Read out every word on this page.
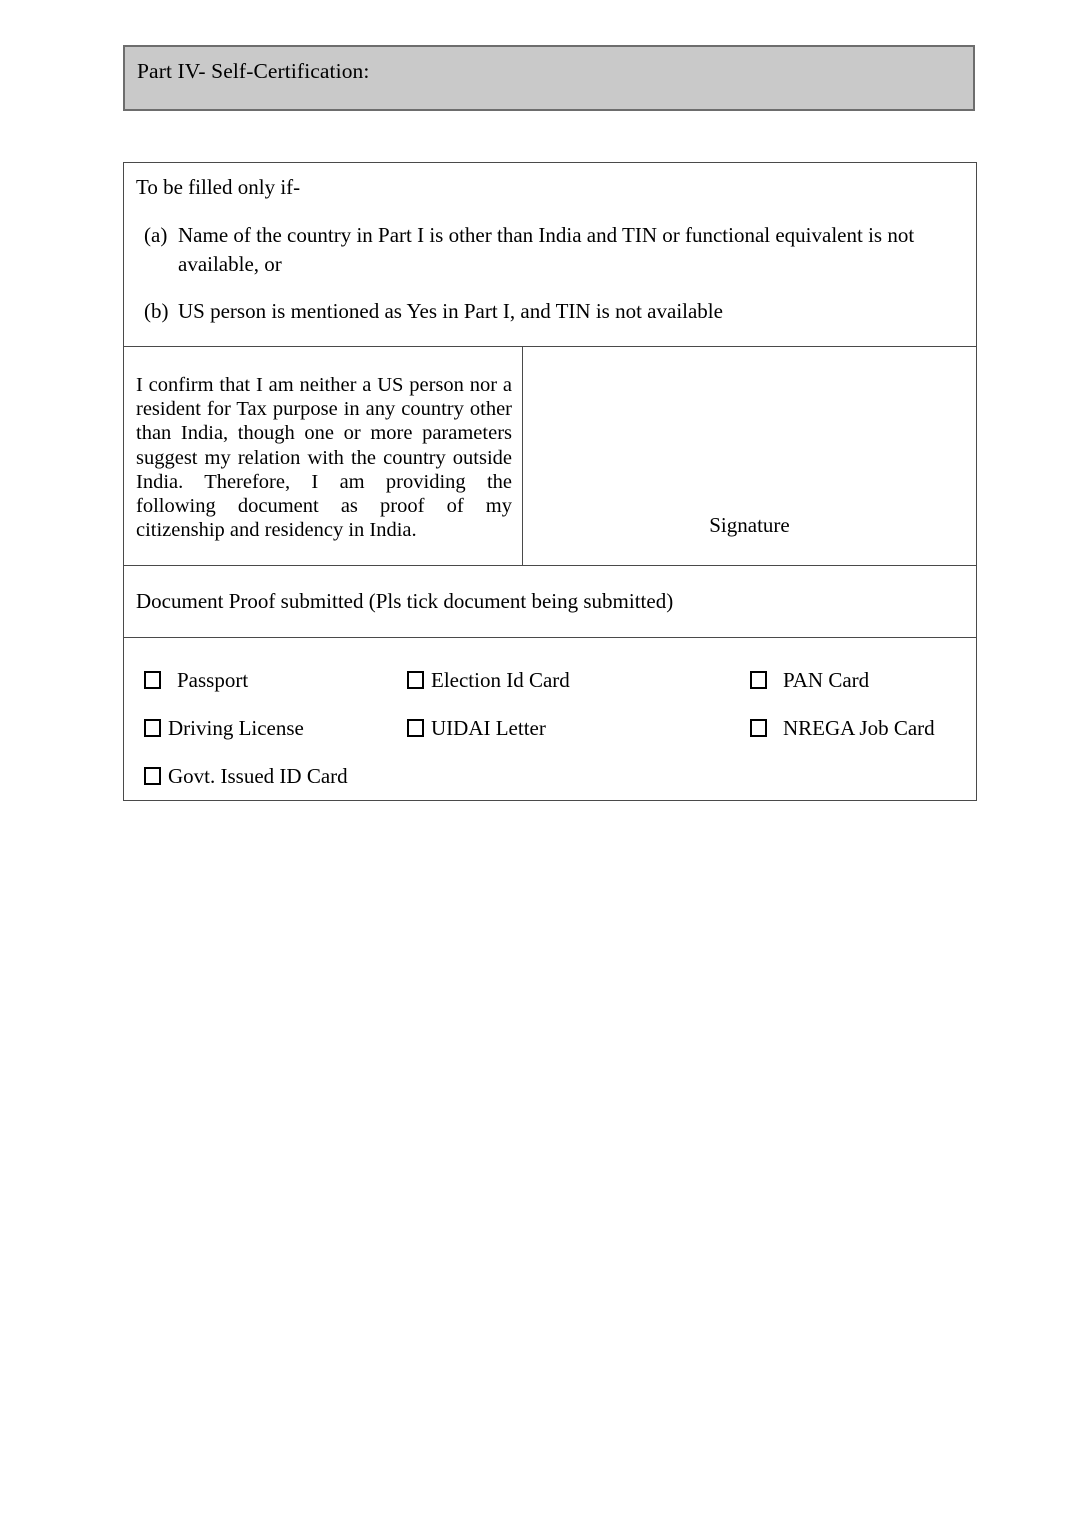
Part IV- Self-Certification:

To be filled only if-

(a) Name of the country in Part I is other than India and TIN or functional equivalent is not available, or
(b) US person is mentioned as Yes in Part I, and TIN is not available

I confirm that I am neither a US person nor a resident for Tax purpose in any country other than India, though one or more parameters suggest my relation with the country outside India. Therefore, I am providing the following document as proof of my citizenship and residency in India.	Signature

Document Proof submitted (Pls tick document being submitted)

Passport	Election Id Card	PAN Card
Driving License	UIDAI Letter	NREGA Job Card
Govt. Issued ID Card
